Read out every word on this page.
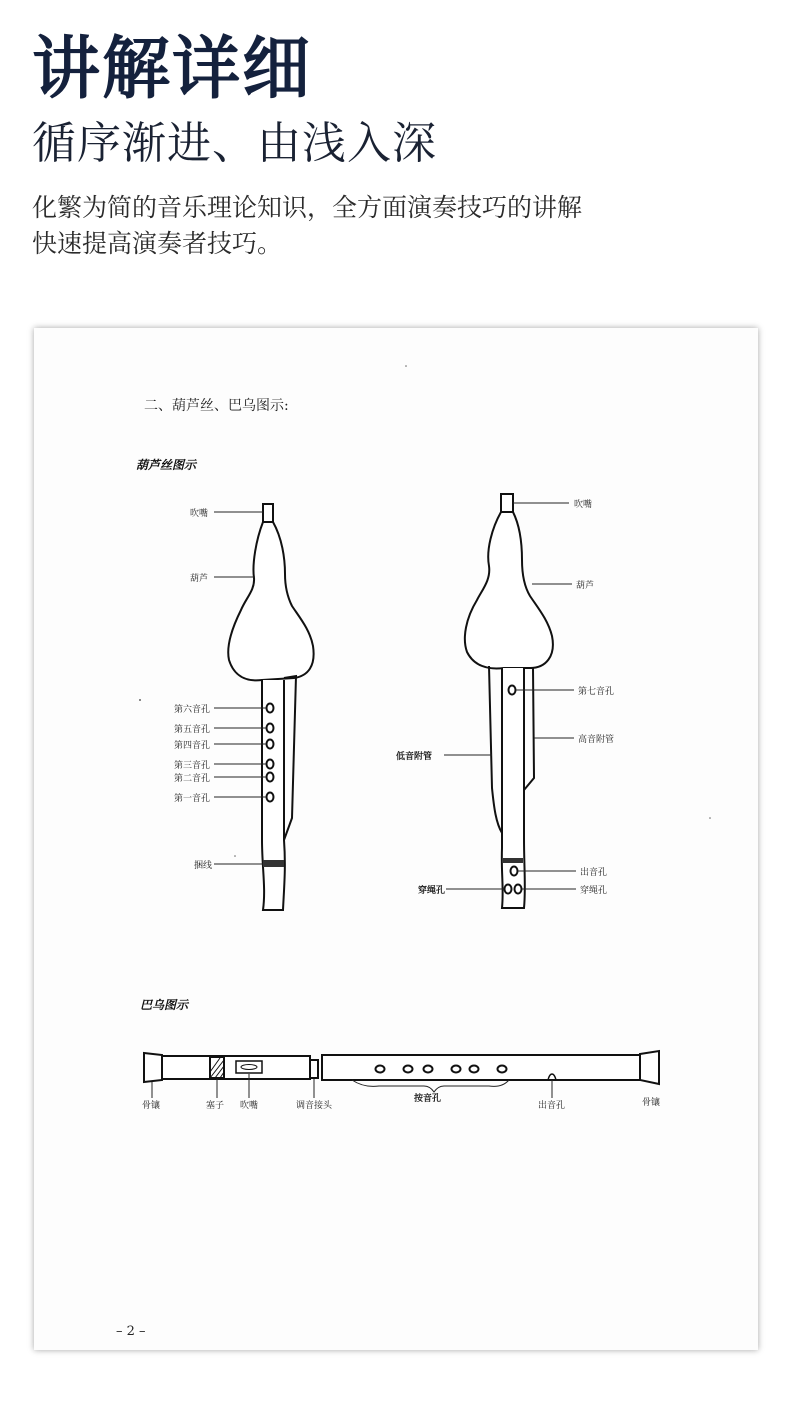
讲解详细
循序渐进、由浅入深
化繁为简的音乐理论知识，全方面演奏技巧的讲解
快速提高演奏者技巧。
二、葫芦丝、巴乌图示:
葫芦丝图示
吹嘴
葫芦
第六音孔
第五音孔
第四音孔
第三音孔
第二音孔
第一音孔
捆线
吹嘴
葫芦
第七音孔
高音附管
低音附管
出音孔
穿绳孔
穿绳孔
巴乌图示
骨镶	塞子 吹嘴	调音接头
按音孔
出音孔	骨镶
– 2 –
